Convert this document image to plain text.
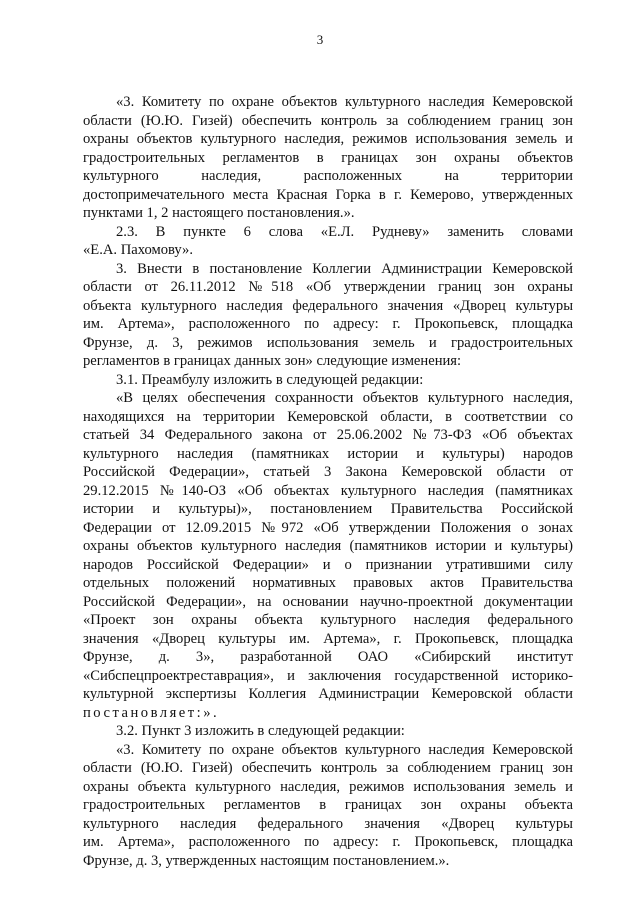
3
«3. Комитету по охране объектов культурного наследия Кемеровской
области (Ю.Ю. Гизей) обеспечить контроль за соблюдением границ зон
охраны объектов культурного наследия, режимов использования земель и
градостроительных регламентов в границах зон охраны объектов
культурного наследия, расположенных на территории
достопримечательного места Красная Горка в г. Кемерово, утвержденных
пунктами 1, 2 настоящего постановления.».
2.3. В пункте 6 слова «Е.Л. Рудневу» заменить словами
«Е.А. Пахомову».
3. Внести в постановление Коллегии Администрации Кемеровской
области от 26.11.2012 №518 «Об утверждении границ зон охраны
объекта культурного наследия федерального значения «Дворец культуры
им. Артема», расположенного по адресу: г. Прокопьевск, площадка
Фрунзе, д. 3, режимов использования земель и градостроительных
регламентов в границах данных зон» следующие изменения:
3.1. Преамбулу изложить в следующей редакции:
«В целях обеспечения сохранности объектов культурного наследия,
находящихся на территории Кемеровской области, в соответствии со
статьей 34 Федерального закона от 25.06.2002 №73-ФЗ «Об объектах
культурного наследия (памятниках истории и культуры) народов
Российской Федерации», статьей 3 Закона Кемеровской области от
29.12.2015 №140-ОЗ «Об объектах культурного наследия (памятниках
истории и культуры)», постановлением Правительства Российской
Федерации от 12.09.2015 №972 «Об утверждении Положения о зонах
охраны объектов культурного наследия (памятников истории и культуры)
народов Российской Федерации» и о признании утратившими силу
отдельных положений нормативных правовых актов Правительства
Российской Федерации», на основании научно-проектной документации
«Проект зон охраны объекта культурного наследия федерального
значения «Дворец культуры им. Артема», г. Прокопьевск, площадка
Фрунзе, д. 3», разработанной ОАО «Сибирский институт
«Сибспецпроектреставрация», и заключения государственной историко-
культурной экспертизы Коллегия Администрации Кемеровской области
постановляет:».
3.2. Пункт 3 изложить в следующей редакции:
«3. Комитету по охране объектов культурного наследия Кемеровской
области (Ю.Ю. Гизей) обеспечить контроль за соблюдением границ зон
охраны объекта культурного наследия, режимов использования земель и
градостроительных регламентов в границах зон охраны объекта
культурного наследия федерального значения «Дворец культуры
им. Артема», расположенного по адресу: г. Прокопьевск, площадка
Фрунзе, д. 3, утвержденных настоящим постановлением.».
